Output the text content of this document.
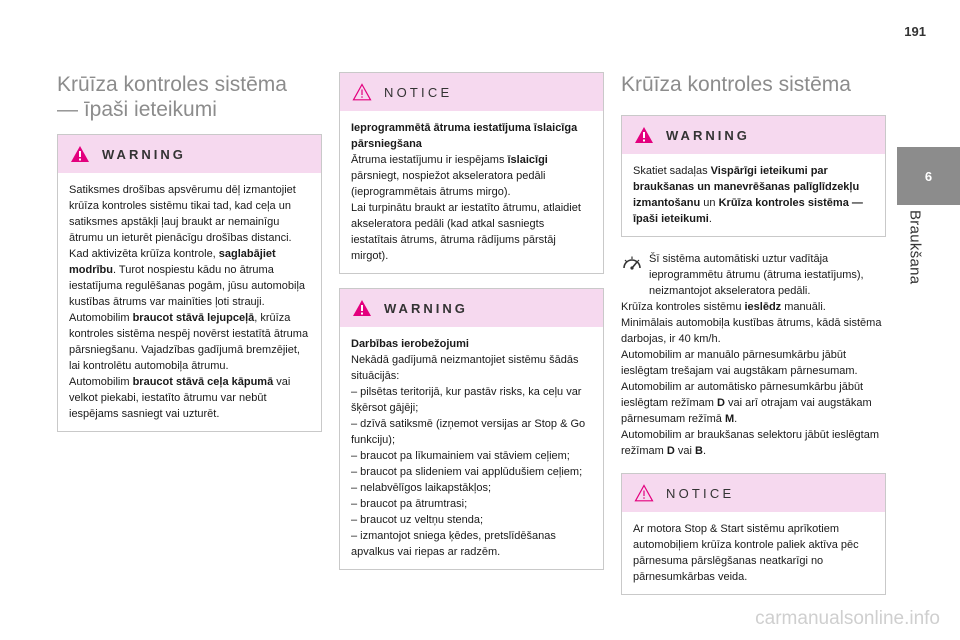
191
6
Braukšana
Krūīza kontroles sistēma
— īpaši ieteikumi
WARNING

Satiksmes drošības apsvērumu dēļ izmantojiet krūīza kontroles sistēmu tikai tad, kad ceļa un satiksmes apstākļi ļauj braukt ar nemainīgu ātrumu un ieturēt pienācīgu drošības distanci.

Kad aktivizēta krūīza kontrole, saglabājiet modrību. Turot nospiestu kādu no ātruma iestatījuma regulēšanas pogām, jūsu automobiļa kustības ātrums var mainīties ļoti strauji.

Automobilim braucot stāvā lejupceļā, krūīza kontroles sistēma nespēj novērst iestatītā ātruma pārsniegšanu. Vajadzības gadījumā bremzējiet, lai kontrolētu automobiļa ātrumu.

Automobilim braucot stāvā ceļa kāpumā vai velkot piekabi, iestatīto ātrumu var nebūt iespējams sasniegt vai uzturēt.

NOTICE

Ieprogrammētā ātruma iestatījuma īslaicīga pārsniegšana

Ātruma iestatījumu ir iespējams īslaicīgi pārsniegt, nospiežot akseleratora pedāli (ieprogrammētais ātrums mirgo).

Lai turpinātu braukt ar iestatīto ātrumu, atlaidiet akseleratora pedāli (kad atkal sasniegts iestatītais ātrums, ātruma rādījums pārstāj mirgot).

WARNING

Darbības ierobežojumi

Nekādā gadījumā neizmantojiet sistēmu šādās situācijās:

– pilsētas teritorijā, kur pastāv risks, ka ceļu var šķērsot gājēji;

– dzīvā satiksmē (izņemot versijas ar Stop & Go funkciju);

– braucot pa līkumainiem vai stāviem ceļiem;

– braucot pa slideniem vai applūdušiem ceļiem;

– nelabvēlīgos laikapstākļos;

– braucot pa ātrumtrasi;

– braucot uz veltņu stenda;

– izmantojot sniega ķēdes, pretslīdēšanas apvalkus vai riepas ar radzēm.

Krūīza kontroles sistēma
WARNING

Skatiet sadaļas Vispārīgi ieteikumi par braukšanas un manevrēšanas palīglīdzekļu izmantošanu un Krūīza kontroles sistēma — īpaši ieteikumi.

Šī sistēma automātiski uztur vadītāja ieprogrammētu ātrumu (ātruma iestatījums), neizmantojot akseleratora pedāli.

Krūīza kontroles sistēmu ieslēdz manuāli.

Minimālais automobiļa kustības ātrums, kādā sistēma darbojas, ir 40 km/h.

Automobilim ar manuālo pārnesumkārbu jābūt ieslēgtam trešajam vai augstākam pārnesumam.

Automobilim ar automātisko pārnesumkārbu jābūt ieslēgtam režīmam D vai arī otrajam vai augstākam pārnesumam režīmā M.

Automobilim ar braukšanas selektoru jābūt ieslēgtam režīmam D vai B.

NOTICE

Ar motora Stop & Start sistēmu aprīkotiem automobiļiem krūīza kontrole paliek aktīva pēc pārnesuma pārslēgšanas neatkarīgi no pārnesumkārbas veida.

carmanualsonline.info
